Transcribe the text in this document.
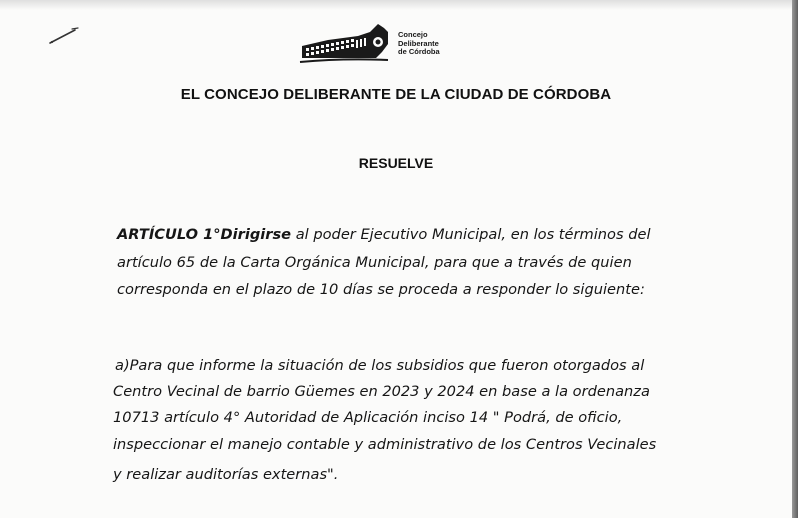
Concejo
Deliberante
de Córdoba
EL CONCEJO DELIBERANTE DE LA CIUDAD DE CÓRDOBA
RESUELVE
ARTÍCULO 1°Dirigirse al poder Ejecutivo Municipal, en los términos del
artículo 65 de la Carta Orgánica Municipal, para que a través de quien
corresponda en el plazo de 10 días se proceda a responder lo siguiente:
a)Para que informe la situación de los subsidios que fueron otorgados al
Centro Vecinal de barrio Güemes en 2023 y 2024 en base a la ordenanza
10713 artículo 4° Autoridad de Aplicación inciso 14 " Podrá, de oficio,
inspeccionar el manejo contable y administrativo de los Centros Vecinales
y realizar auditorías externas".
